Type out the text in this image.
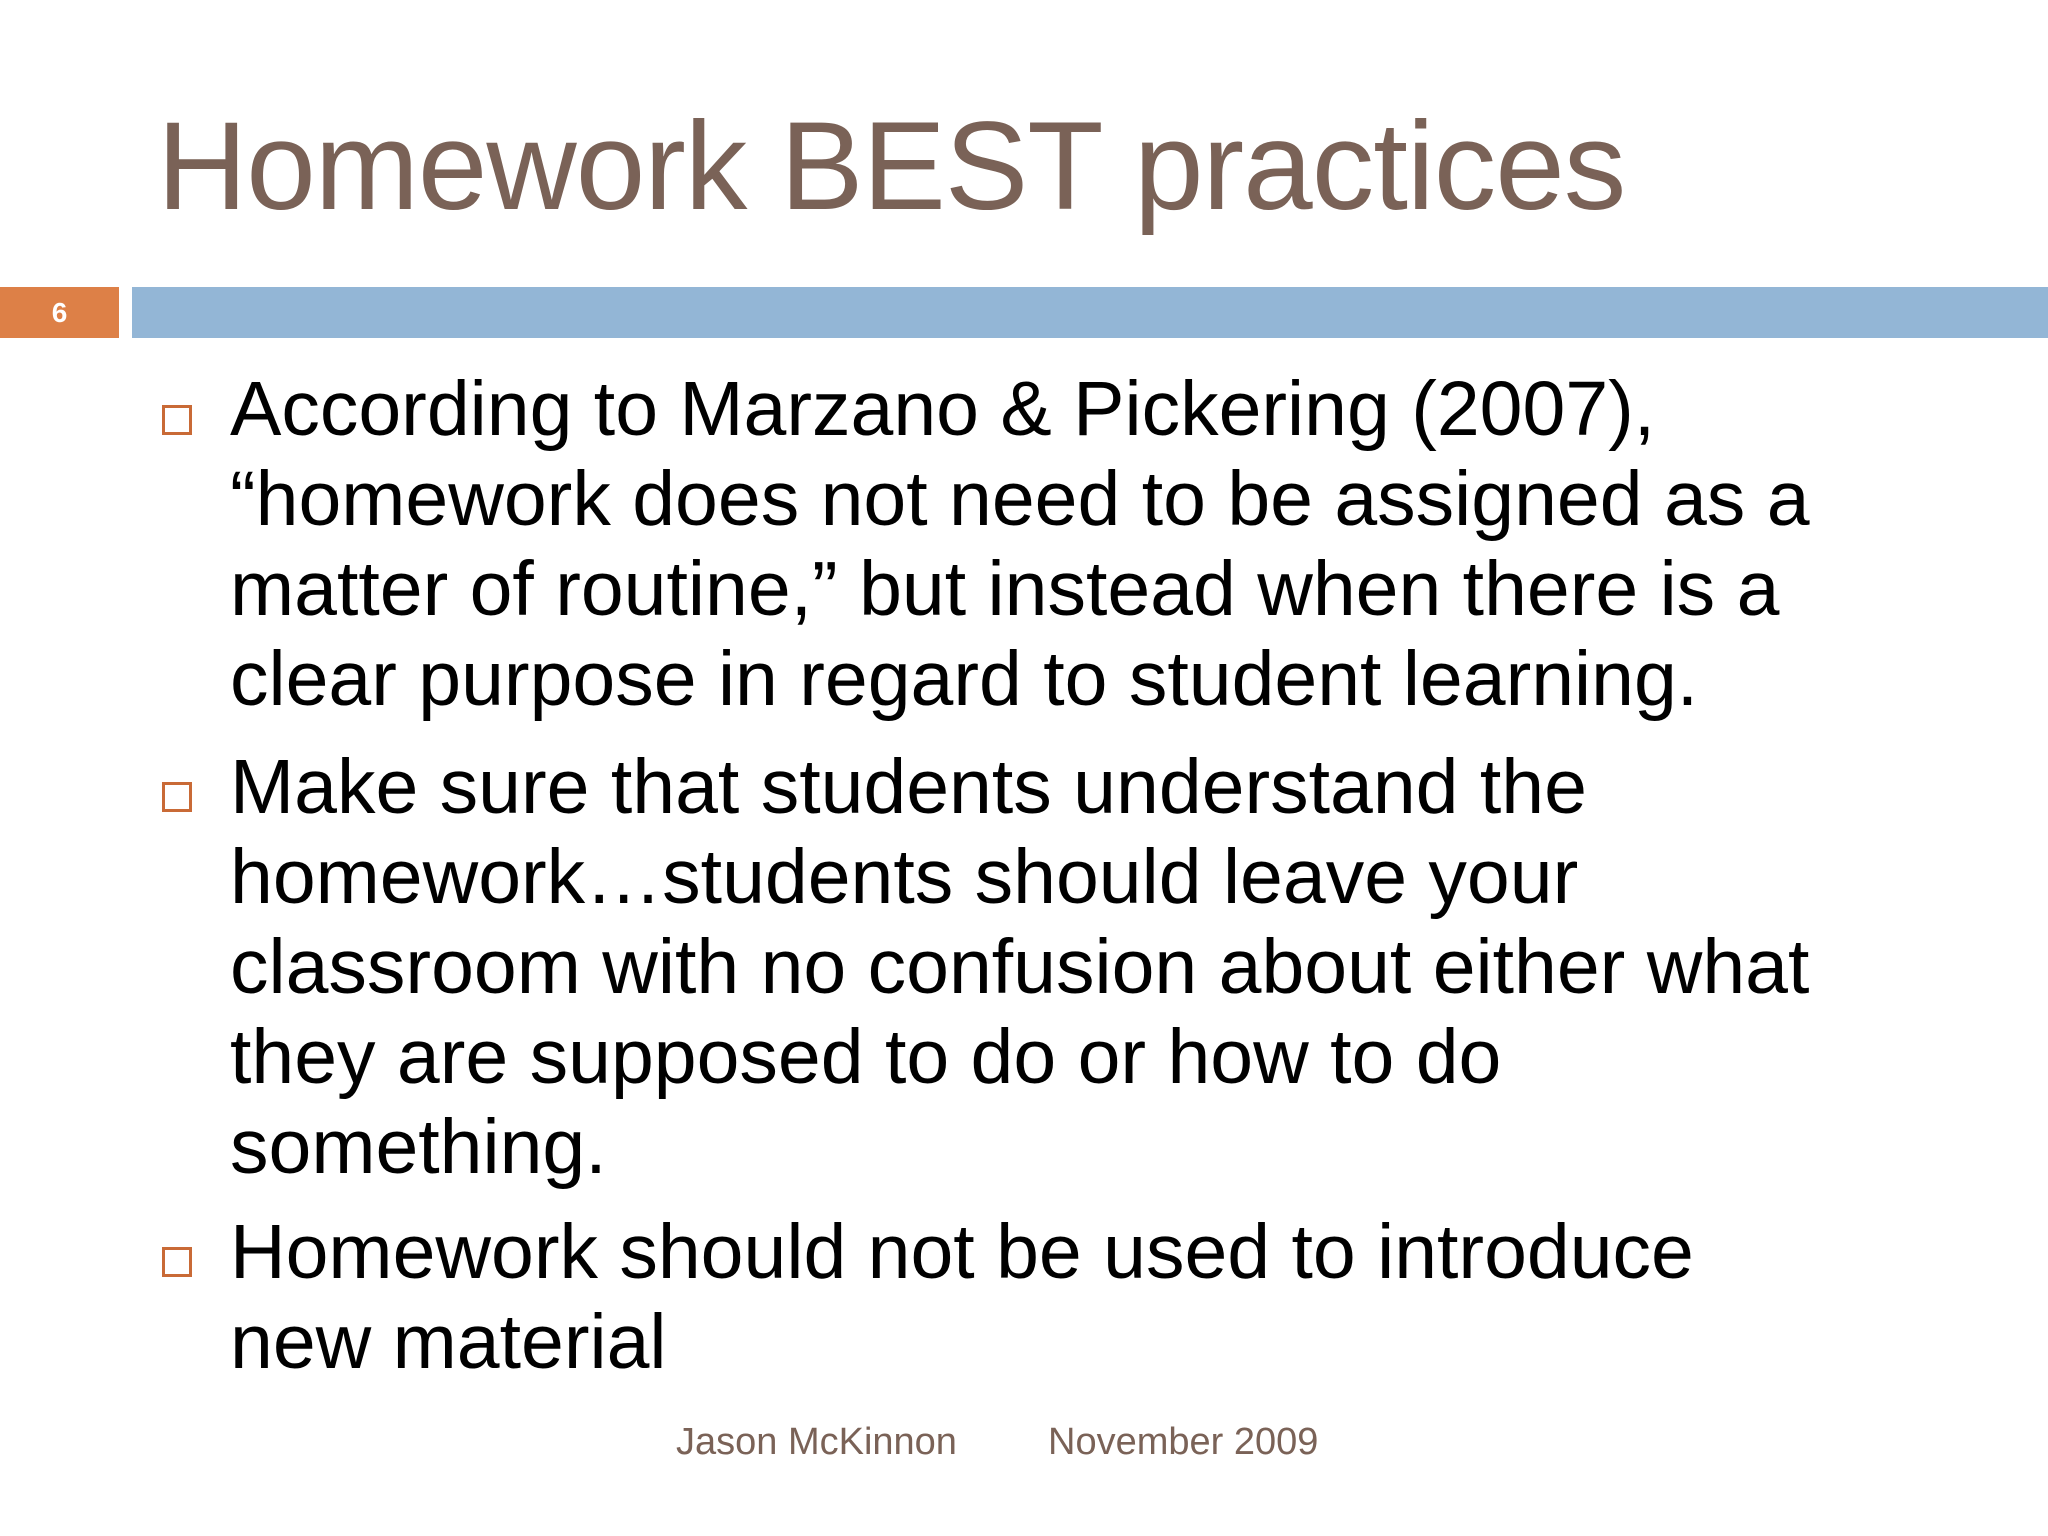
Homework BEST practices
6
According to Marzano & Pickering (2007),
“homework does not need to be assigned as a
matter of routine,” but instead when there is a
clear purpose in regard to student learning.
Make sure that students understand the
homework…students should leave your
classroom with no confusion about either what
they are supposed to do or how to do
something.
Homework should not be used to introduce
new material
Jason McKinnon November 2009
